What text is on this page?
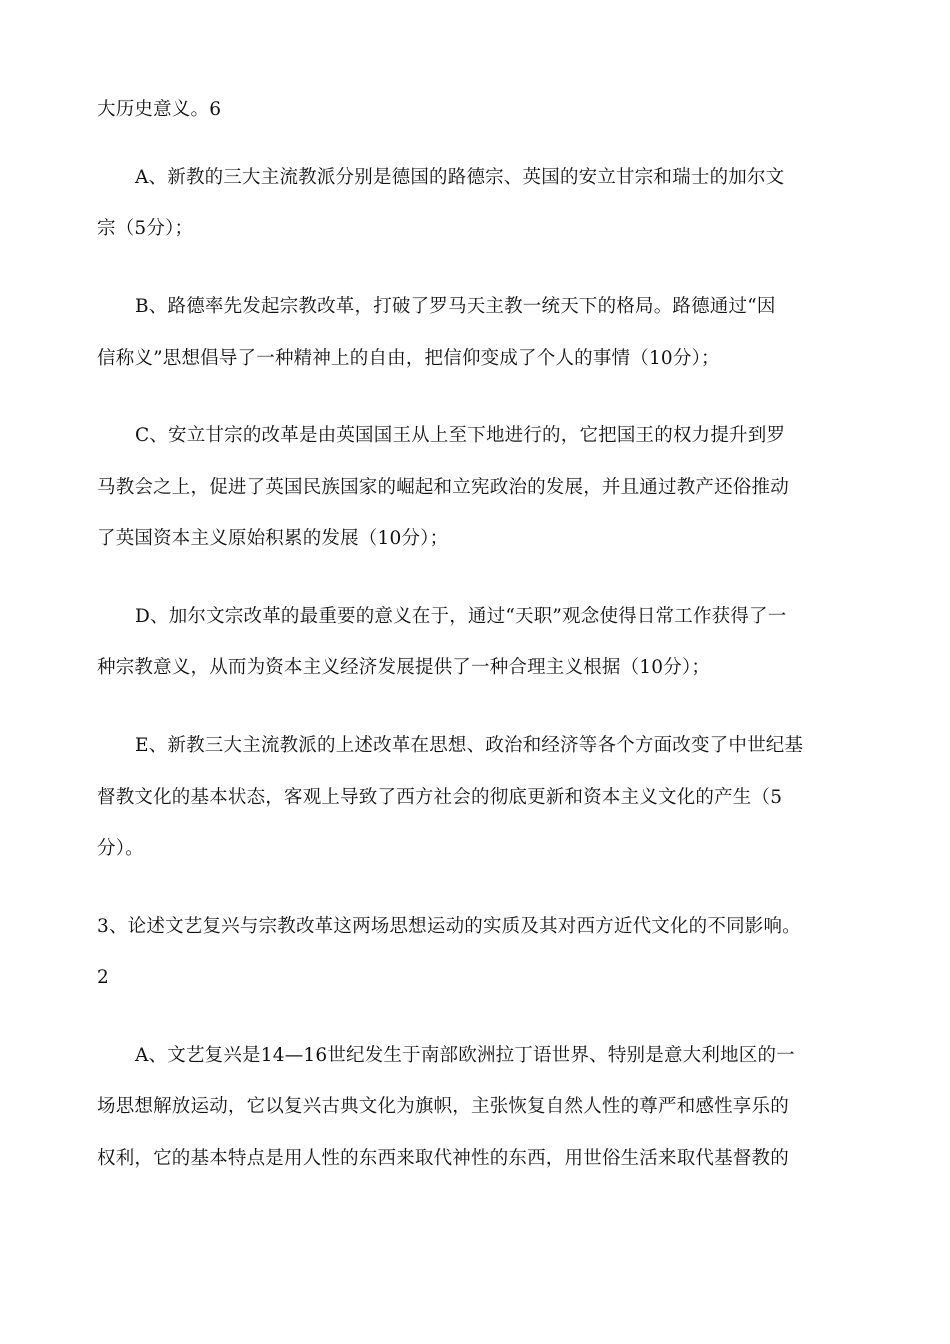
大历史意义。6
A、新教的三大主流教派分别是德国的路德宗、英国的安立甘宗和瑞士的加尔文
宗（5分）；
B、路德率先发起宗教改革，打破了罗马天主教一统天下的格局。路德通过“因
信称义”思想倡导了一种精神上的自由，把信仰变成了个人的事情（10分）；
C、安立甘宗的改革是由英国国王从上至下地进行的，它把国王的权力提升到罗
马教会之上，促进了英国民族国家的崛起和立宪政治的发展，并且通过教产还俗推动
了英国资本主义原始积累的发展（10分）；
D、加尔文宗改革的最重要的意义在于，通过“天职”观念使得日常工作获得了一
种宗教意义，从而为资本主义经济发展提供了一种合理主义根据（10分）；
E、新教三大主流教派的上述改革在思想、政治和经济等各个方面改变了中世纪基
督教文化的基本状态，客观上导致了西方社会的彻底更新和资本主义文化的产生（5
分）。
3、论述文艺复兴与宗教改革这两场思想运动的实质及其对西方近代文化的不同影响。
2
A、文艺复兴是14—16世纪发生于南部欧洲拉丁语世界、特别是意大利地区的一
场思想解放运动，它以复兴古典文化为旗帜，主张恢复自然人性的尊严和感性享乐的
权利，它的基本特点是用人性的东西来取代神性的东西，用世俗生活来取代基督教的
